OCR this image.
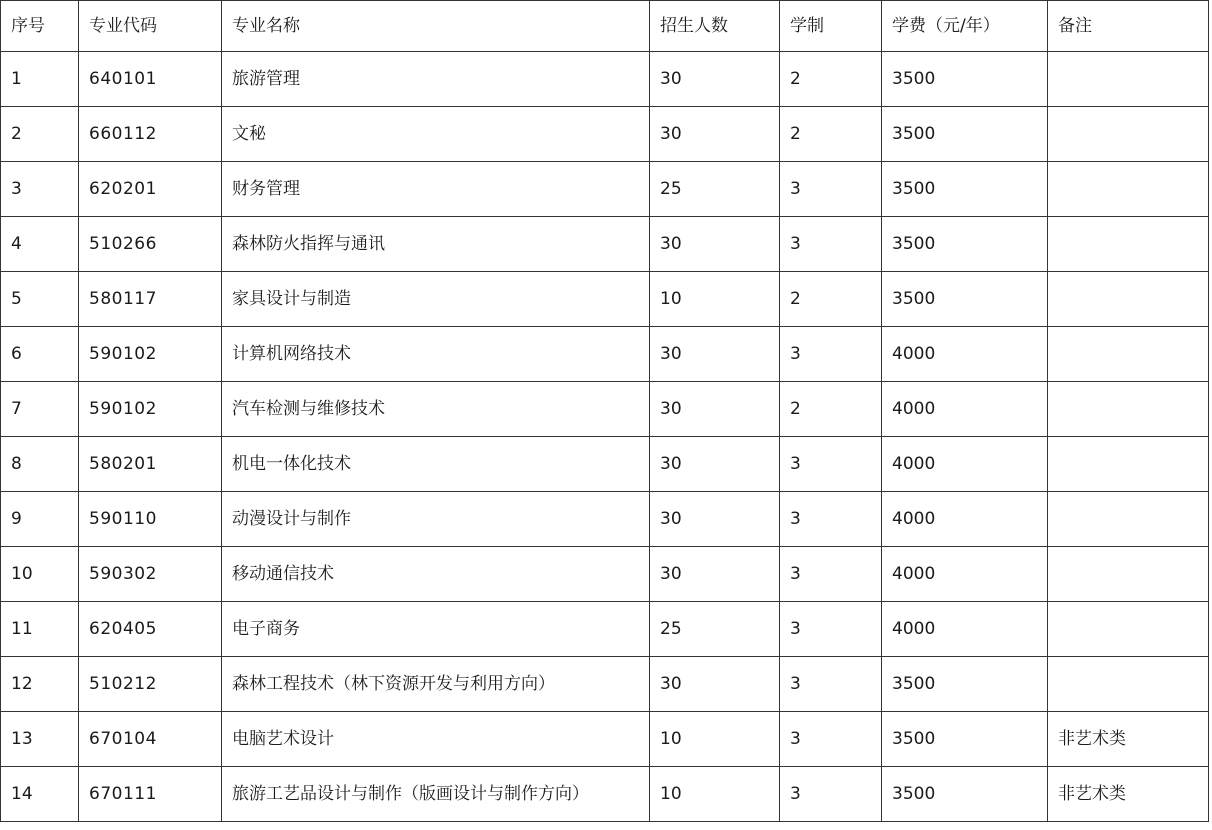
序号	专业代码	专业名称	招生人数	学制	学费（元/年）	备注
1	640101	旅游管理	30	2	3500	
2	660112	文秘	30	2	3500	
3	620201	财务管理	25	3	3500	
4	510266	森林防火指挥与通讯	30	3	3500	
5	580117	家具设计与制造	10	2	3500	
6	590102	计算机网络技术	30	3	4000	
7	590102	汽车检测与维修技术	30	2	4000	
8	580201	机电一体化技术	30	3	4000	
9	590110	动漫设计与制作	30	3	4000	
10	590302	移动通信技术	30	3	4000	
11	620405	电子商务	25	3	4000	
12	510212	森林工程技术（林下资源开发与利用方向）	30	3	3500	
13	670104	电脑艺术设计	10	3	3500	非艺术类
14	670111	旅游工艺品设计与制作（版画设计与制作方向）	10	3	3500	非艺术类
